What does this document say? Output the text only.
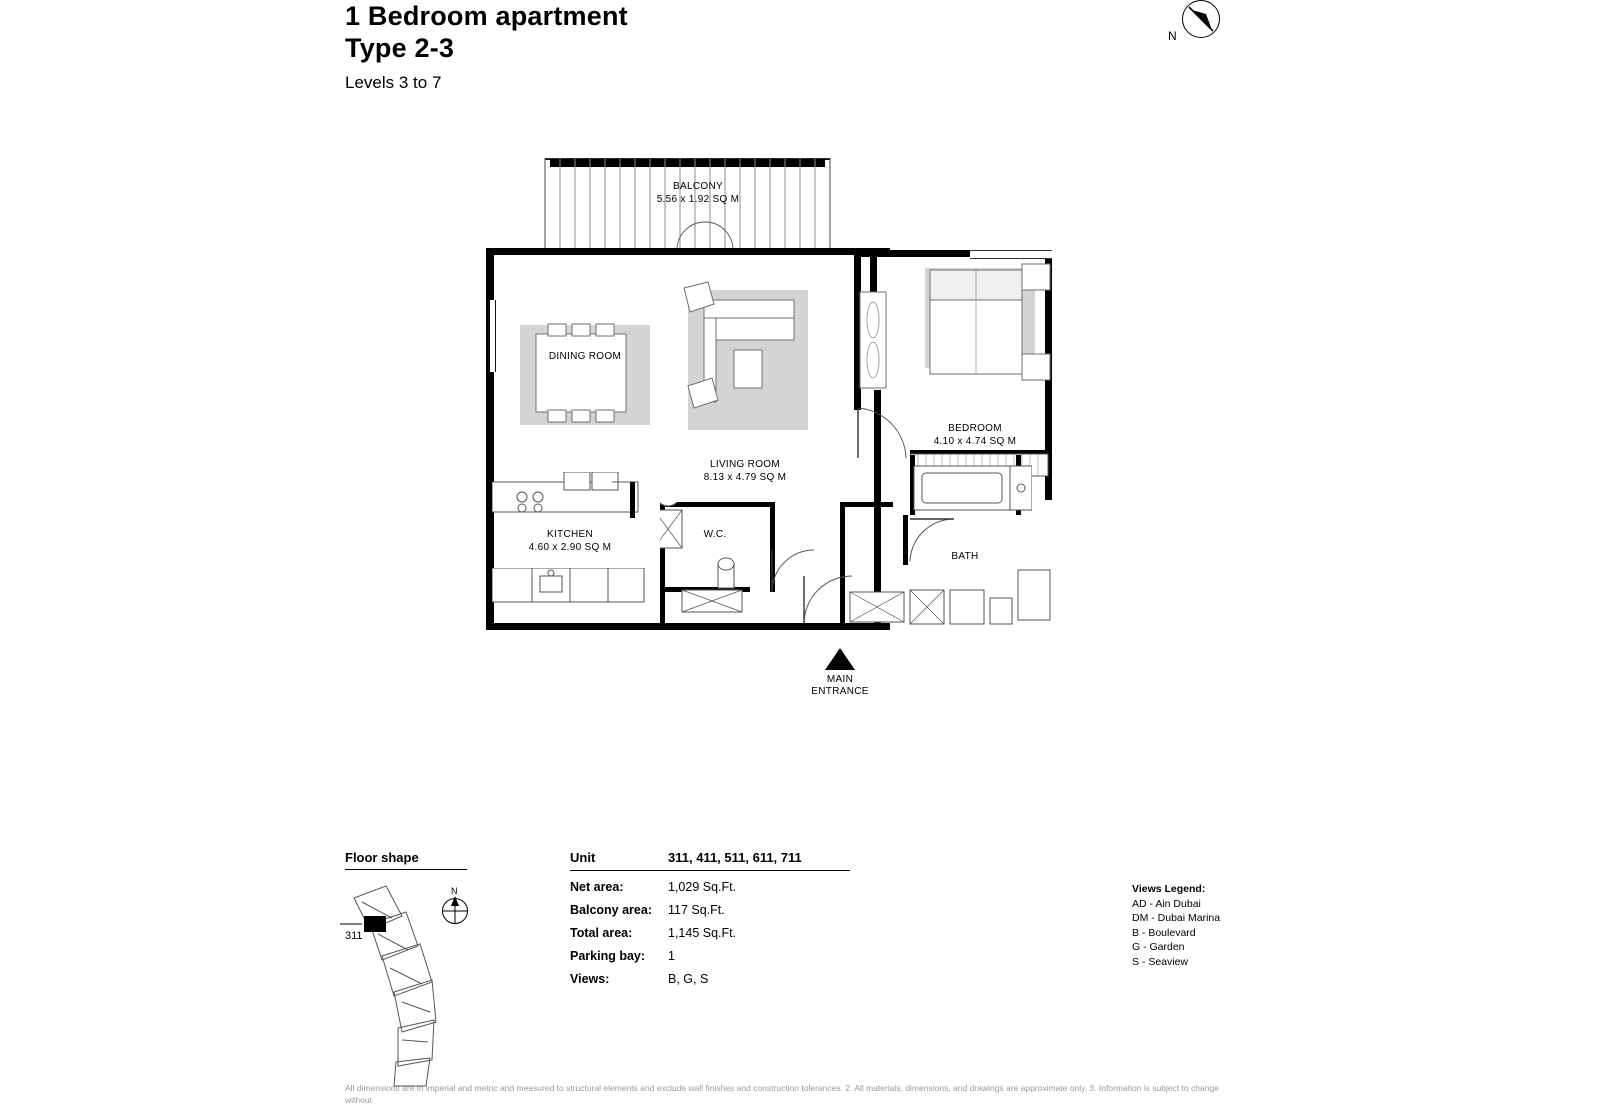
1 Bedroom apartment
Type 2-3
Levels 3 to 7
N
BALCONY
5.56 x 1.92 SQ M
DINING ROOM
LIVING ROOM
8.13 x 4.79 SQ M
KITCHEN
4.60 x 2.90 SQ M
W.C.
BEDROOM
4.10 x 4.74 SQ M
BATH
MAIN
ENTRANCE
Floor shape
311
N
Unit	311, 411, 511, 611, 711
Net area:	1,029 Sq.Ft.
Balcony area:	117 Sq.Ft.
Total area:	1,145 Sq.Ft.
Parking bay:	1
Views:	B, G, S
Views Legend:
AD - Ain Dubai
DM - Dubai Marina
B - Boulevard
G - Garden
S - Seaview
All dimensions are in imperial and metric and measured to structural elements and exclude wall finishes and construction tolerances. 2. All materials, dimensions, and drawings are approximate only. 3. Information is subject to change without
